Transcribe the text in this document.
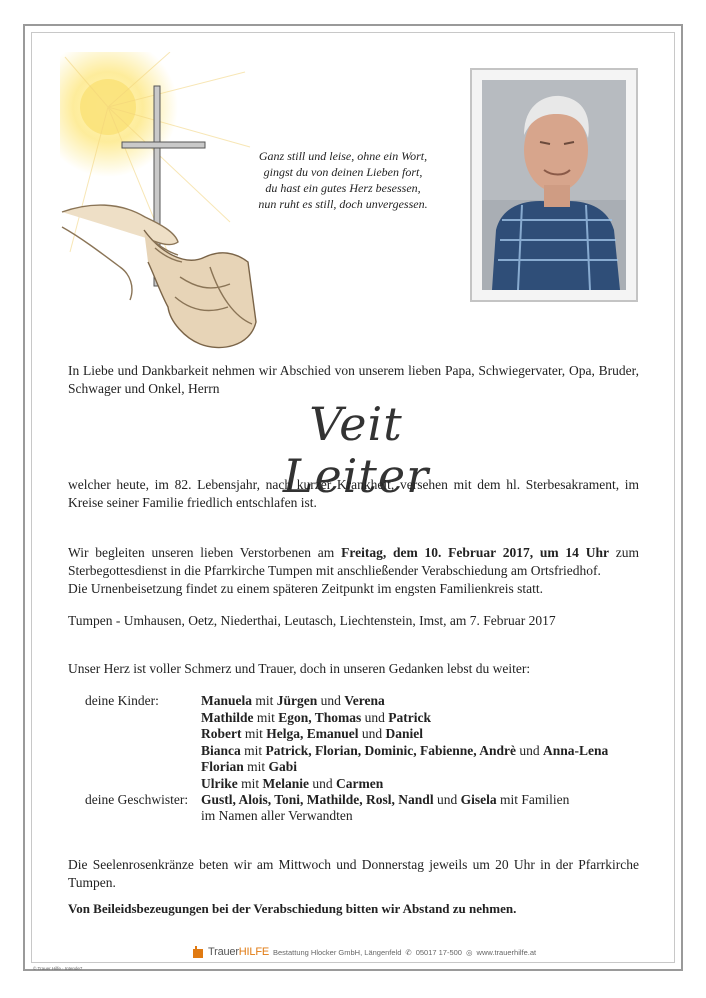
Ganz still und leise, ohne ein Wort,
gingst du von deinen Lieben fort,
du hast ein gutes Herz besessen,
nun ruht es still, doch unvergessen.
In Liebe und Dankbarkeit nehmen wir Abschied von unserem lieben Papa, Schwiegervater, Opa, Bruder, Schwager und Onkel, Herrn
Veit Leiter
welcher heute, im 82. Lebensjahr, nach kurzer Krankheit, versehen mit dem hl. Sterbesakrament, im Kreise seiner Familie friedlich entschlafen ist.
Wir begleiten unseren lieben Verstorbenen am Freitag, dem 10. Februar 2017, um 14 Uhr zum Sterbegottesdienst in die Pfarrkirche Tumpen mit anschließender Verabschiedung am Ortsfriedhof.
Die Urnenbeisetzung findet zu einem späteren Zeitpunkt im engsten Familienkreis statt.
Tumpen - Umhausen, Oetz, Niederthai, Leutasch, Liechtenstein, Imst, am 7. Februar 2017
Unser Herz ist voller Schmerz und Trauer, doch in unseren Gedanken lebst du weiter:
deine Kinder:	Manuela mit Jürgen und Verena
Mathilde mit Egon, Thomas und Patrick
Robert mit Helga, Emanuel und Daniel
Bianca mit Patrick, Florian, Dominic, Fabienne, Andrè und Anna-Lena
Florian mit Gabi
Ulrike mit Melanie und Carmen
deine Geschwister: Gustl, Alois, Toni, Mathilde, Rosl, Nandl und Gisela mit Familien
im Namen aller Verwandten
Die Seelenrosenkränze beten wir am Mittwoch und Donnerstag jeweils um 20 Uhr in der Pfarrkirche Tumpen.
Von Beileidsbezeugungen bei der Verabschiedung bitten wir Abstand zu nehmen.
TrauerHILFE Bestattung Hlocker GmbH, Längenfeld ✆ 05017 17-500 ◎ www.trauerhilfe.at
© Trauer Hilfe · Intende7
